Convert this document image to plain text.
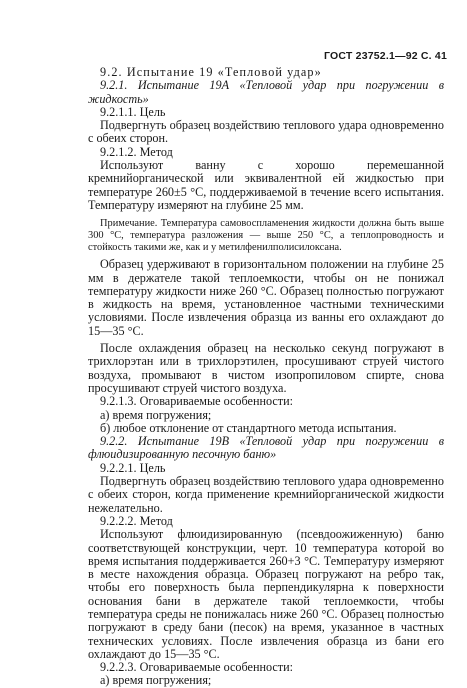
ГОСТ 23752.1—92 С. 41

9.2. Испытание 19 «Тепловой удар»

9.2.1. Испытание 19А «Тепловой удар при погружении в жидкость»

9.2.1.1. Цель

Подвергнуть образец воздействию теплового удара одновременно с обеих сторон.

9.2.1.2. Метод

Используют ванну с хорошо перемешанной кремнийорганической или эквивалентной ей жидкостью при температуре 260±5 °С, поддерживаемой в течение всего испытания. Температуру измеряют на глубине 25 мм.

Примечание. Температура самовоспламенения жидкости должна быть выше 300 °С, температура разложения — выше 250 °С, а теплопроводность и стойкость такими же, как и у метилфенилполисилоксана.

Образец удерживают в горизонтальном положении на глубине 25 мм в держателе такой теплоемкости, чтобы он не понижал температуру жидкости ниже 260 °С. Образец полностью погружают в жидкость на время, установленное частными техническими условиями. После извлечения образца из ванны его охлаждают до 15—35 °С.

После охлаждения образец на несколько секунд погружают в трихлорэтан или в трихлорэтилен, просушивают струей чистого воздуха, промывают в чистом изопропиловом спирте, снова просушивают струей чистого воздуха.

9.2.1.3. Оговариваемые особенности:

а) время погружения;

б) любое отклонение от стандартного метода испытания.

9.2.2. Испытание 19В «Тепловой удар при погружении в флюидизированную песочную баню»

9.2.2.1. Цель

Подвергнуть образец воздействию теплового удара одновременно с обеих сторон, когда применение кремнийорганической жидкости нежелательно.

9.2.2.2. Метод

Используют флюидизированную (псевдоожиженную) баню соответствующей конструкции, черт. 10 температура которой во время испытания поддерживается 260+3 °С. Температуру измеряют в месте нахождения образца. Образец погружают на ребро так, чтобы его поверхность была перпендикулярна к поверхности основания бани в держателе такой теплоемкости, чтобы температура среды не понижалась ниже 260 °С. Образец полностью погружают в среду бани (песок) на время, указанное в частных технических условиях. После извлечения образца из бани его охлаждают до 15—35 °С.

9.2.2.3. Оговариваемые особенности:

а) время погружения;
